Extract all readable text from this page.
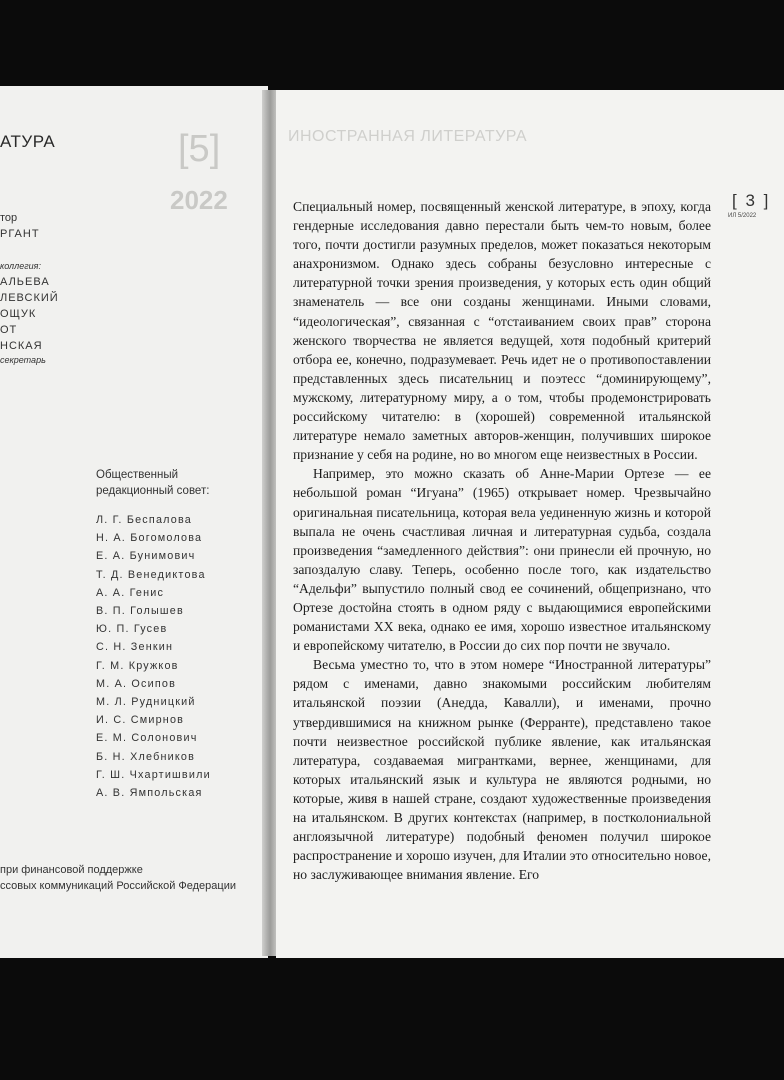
[5]
2022
АТУРА
тор
РГАНТ
коллегия:
АЛЬЕВА
ЛЕВСКИЙ
ОЩУК
ОТ
НСКАЯ
секретарь
Общественный
редакционный совет:
Л. Г. Беспалова
Н. А. Богомолова
Е. А. Бунимович
Т. Д. Венедиктова
А. А. Генис
В. П. Голышев
Ю. П. Гусев
С. Н. Зенкин
Г. М. Кружков
М. А. Осипов
М. Л. Рудницкий
И. С. Смирнов
Е. М. Солонович
Б. Н. Хлебников
Г. Ш. Чхартишвили
А. В. Ямпольская
при финансовой поддержке
ссовых коммуникаций Российской Федерации
ИНОСТРАННАЯ ЛИТЕРАТУРА
[ 3 ]
ИЛ 5/2022

Специальный номер, посвященный женской литературе, в эпоху, когда гендерные исследования давно перестали быть чем-то новым, более того, почти достигли разумных пределов, может показаться некоторым анахронизмом. Однако здесь собраны безусловно интересные с литературной точки зрения произведения, у которых есть один общий знаменатель — все они созданы женщинами. Иными словами, “идеологическая”, связанная с “отстаиванием своих прав” сторона женского творчества не является ведущей, хотя подобный критерий отбора ее, конечно, подразумевает. Речь идет не о противопоставлении представленных здесь писательниц и поэтесс “доминирующему”, мужскому, литературному миру, а о том, чтобы продемонстрировать российскому читателю: в (хорошей) современной итальянской литературе немало заметных авторов-женщин, получивших широкое признание у себя на родине, но во многом еще неизвестных в России.

Например, это можно сказать об Анне-Марии Ортезе — ее небольшой роман “Игуана” (1965) открывает номер. Чрезвычайно оригинальная писательница, которая вела уединенную жизнь и которой выпала не очень счастливая личная и литературная судьба, создала произведения “замедленного действия”: они принесли ей прочную, но запоздалую славу. Теперь, особенно после того, как издательство “Адельфи” выпустило полный свод ее сочинений, общепризнано, что Ортезе достойна стоять в одном ряду с выдающимися европейскими романистами XX века, однако ее имя, хорошо известное итальянскому и европейскому читателю, в России до сих пор почти не звучало.

Весьма уместно то, что в этом номере “Иностранной литературы” рядом с именами, давно знакомыми российским любителям итальянской поэзии (Анедда, Кавалли), и именами, прочно утвердившимися на книжном рынке (Ферранте), представлено такое почти неизвестное российской публике явление, как итальянская литература, создаваемая мигрантками, вернее, женщинами, для которых итальянский язык и культура не являются родными, но которые, живя в нашей стране, создают художественные произведения на итальянском. В других контекстах (например, в постколониальной англоязычной литературе) подобный феномен получил широкое распространение и хорошо изучен, для Италии это относительно новое, но заслуживающее внимания явление. Его
